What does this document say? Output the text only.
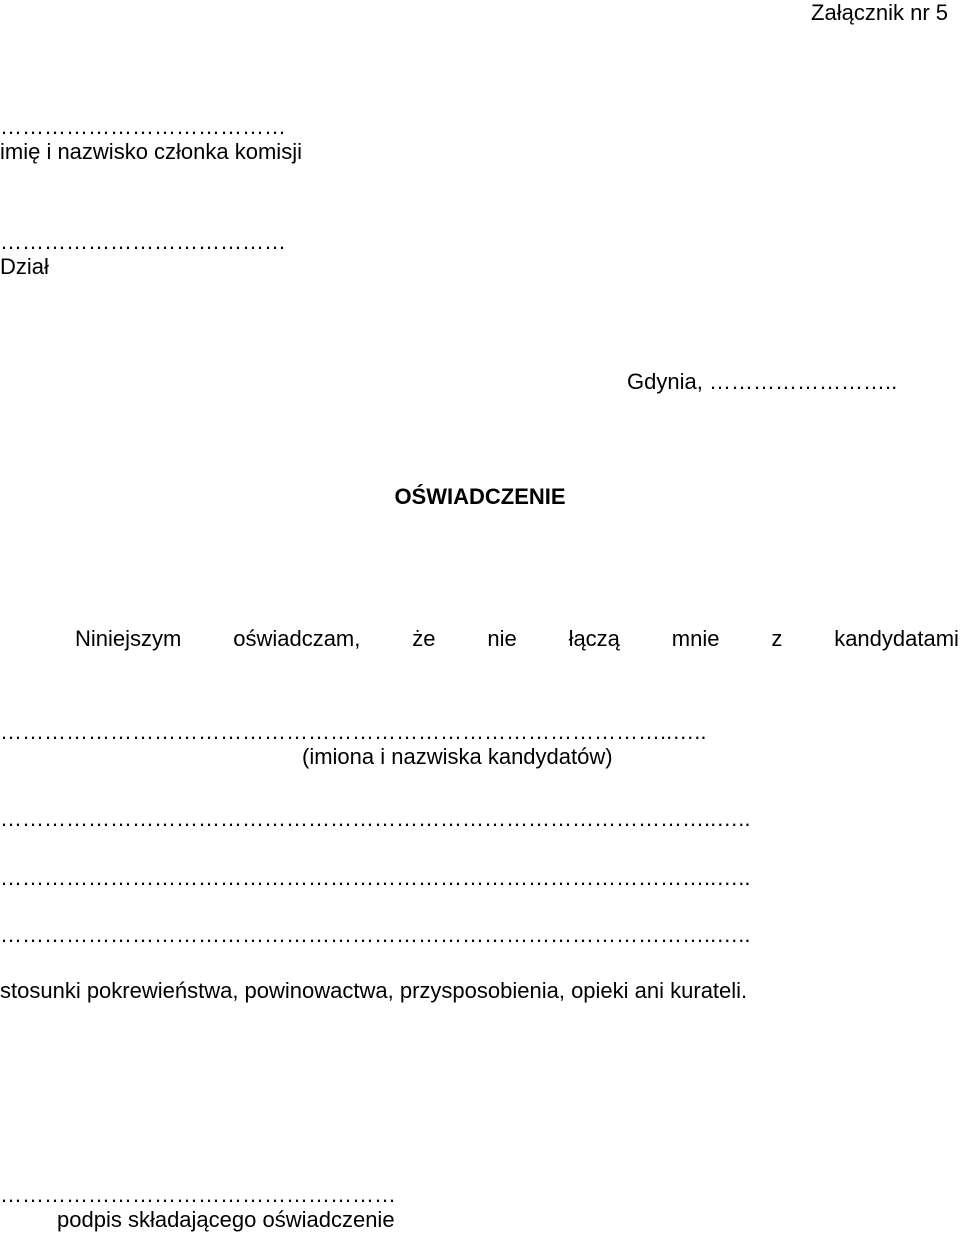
Załącznik nr 5
…………………………………
imię i nazwisko członka komisji
…………………………………
Dział
Gdynia, ……………………..
OŚWIADCZENIE
Niniejszym oświadczam, że nie łączą mnie z kandydatami
………………………………………………………………………………..…..
(imiona i nazwiska kandydatów)
……………………………………………………………………………………..…..
……………………………………………………………………………………..…..
……………………………………………………………………………………..…..
stosunki pokrewieństwa, powinowactwa, przysposobienia, opieki ani kurateli.
………………………………………………
podpis składającego oświadczenie
